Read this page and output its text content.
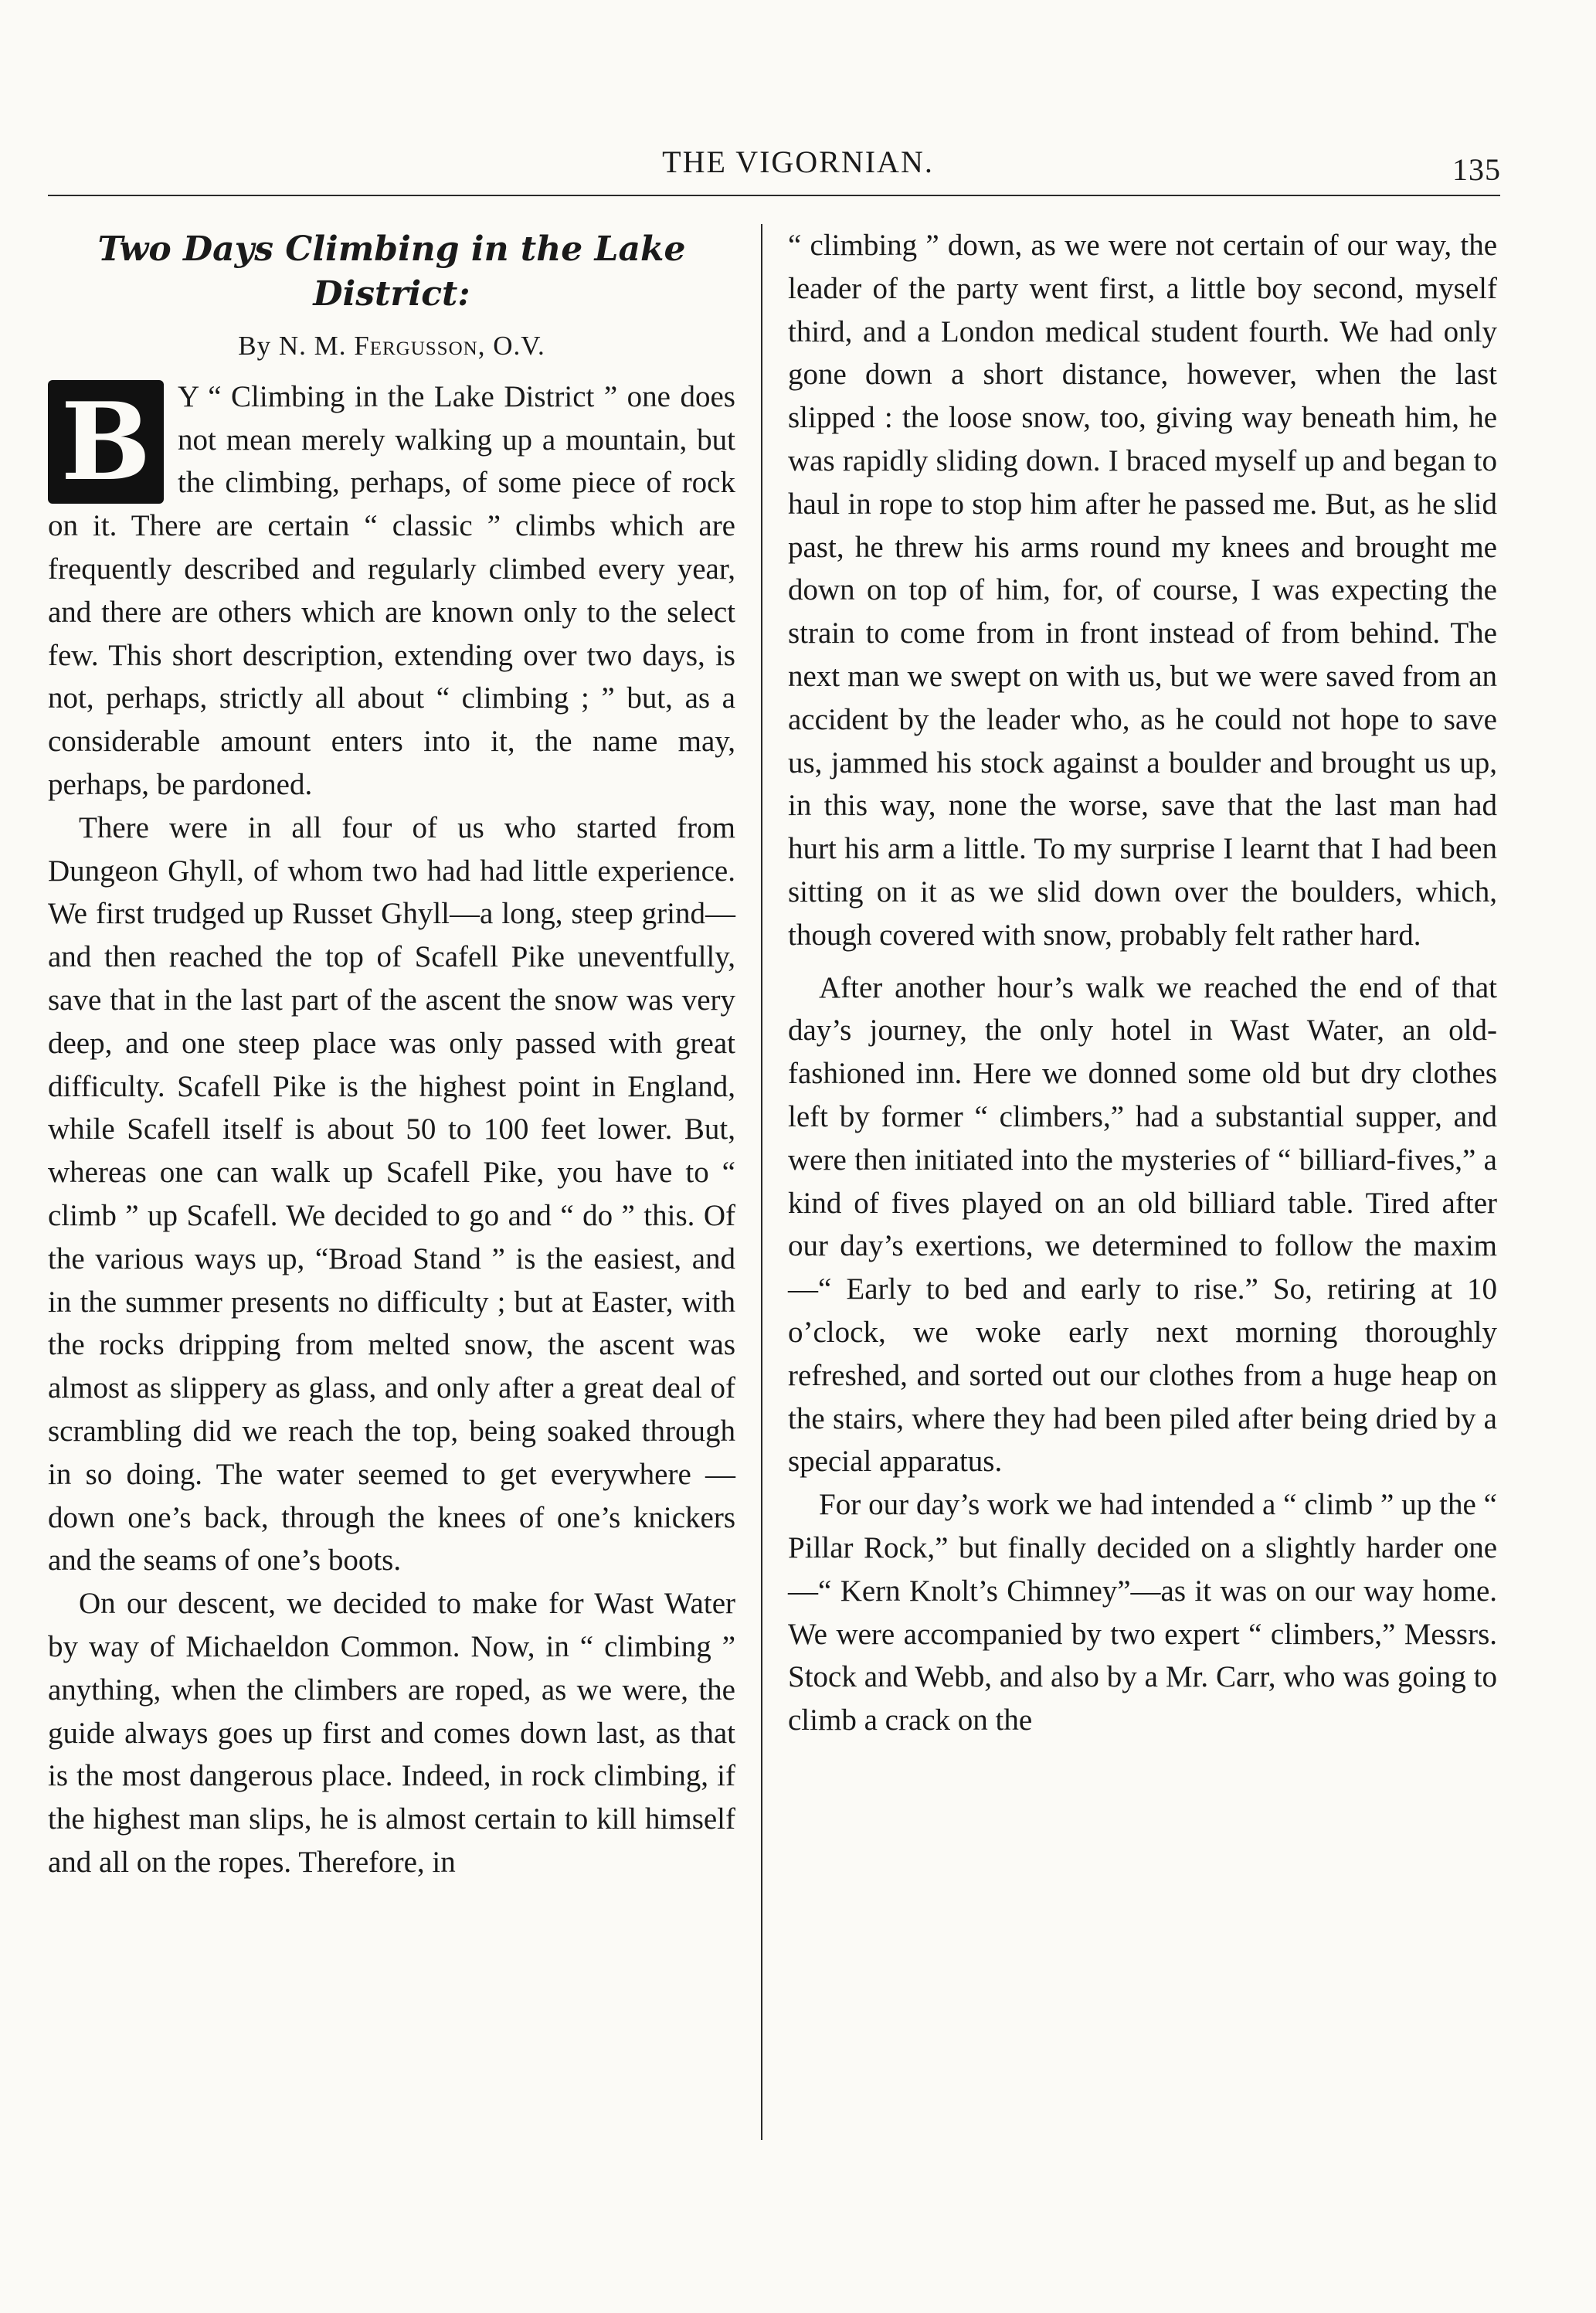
THE VIGORNIAN.	135
Two Days Climbing in the Lake District:
By N. M. Fergusson, O.V.

B Y “ Climbing in the Lake District ” one does not mean merely walking up a mountain, but the climbing, perhaps, of some piece of rock on it. There are certain “ classic ” climbs which are frequently described and regularly climbed every year, and there are others which are known only to the select few. This short description, extending over two days, is not, perhaps, strictly all about “ climbing ; ” but, as a considerable amount enters into it, the name may, perhaps, be pardoned.

There were in all four of us who started from Dungeon Ghyll, of whom two had had little experience. We first trudged up Russet Ghyll—a long, steep grind—and then reached the top of Scafell Pike uneventfully, save that in the last part of the ascent the snow was very deep, and one steep place was only passed with great difficulty. Scafell Pike is the highest point in England, while Scafell itself is about 50 to 100 feet lower. But, whereas one can walk up Scafell Pike, you have to “ climb ” up Scafell. We decided to go and “ do ” this. Of the various ways up, “Broad Stand ” is the easiest, and in the summer presents no difficulty ; but at Easter, with the rocks dripping from melted snow, the ascent was almost as slippery as glass, and only after a great deal of scrambling did we reach the top, being soaked through in so doing. The water seemed to get everywhere —down one’s back, through the knees of one’s knickers and the seams of one’s boots.

On our descent, we decided to make for Wast Water by way of Michaeldon Common. Now, in “ climbing ” anything, when the climbers are roped, as we were, the guide always goes up first and comes down last, as that is the most dangerous place. Indeed, in rock climbing, if the highest man slips, he is almost certain to kill himself and all on the ropes. Therefore, in

“ climbing ” down, as we were not certain of our way, the leader of the party went first, a little boy second, myself third, and a London medical student fourth. We had only gone down a short distance, however, when the last slipped : the loose snow, too, giving way beneath him, he was rapidly sliding down. I braced myself up and began to haul in rope to stop him after he passed me. But, as he slid past, he threw his arms round my knees and brought me down on top of him, for, of course, I was expecting the strain to come from in front instead of from behind. The next man we swept on with us, but we were saved from an accident by the leader who, as he could not hope to save us, jammed his stock against a boulder and brought us up, in this way, none the worse, save that the last man had hurt his arm a little. To my surprise I learnt that I had been sitting on it as we slid down over the boulders, which, though covered with snow, probably felt rather hard.

After another hour’s walk we reached the end of that day’s journey, the only hotel in Wast Water, an old-fashioned inn. Here we donned some old but dry clothes left by former “ climbers,” had a substantial supper, and were then initiated into the mysteries of “ billiard-fives,” a kind of fives played on an old billiard table. Tired after our day’s exertions, we determined to follow the maxim—“ Early to bed and early to rise.” So, retiring at 10 o’clock, we woke early next morning thoroughly refreshed, and sorted out our clothes from a huge heap on the stairs, where they had been piled after being dried by a special apparatus.

For our day’s work we had intended a “ climb ” up the “ Pillar Rock,” but finally decided on a slightly harder one—“ Kern Knolt’s Chimney”—as it was on our way home. We were accompanied by two expert “ climbers,” Messrs. Stock and Webb, and also by a Mr. Carr, who was going to climb a crack on the
